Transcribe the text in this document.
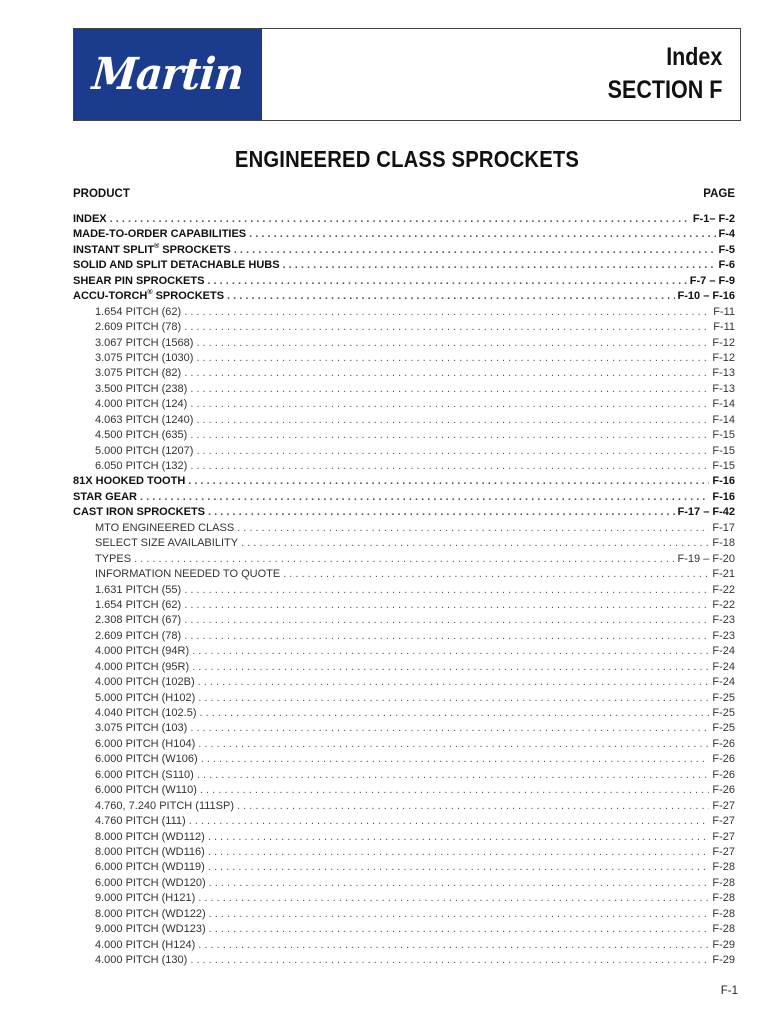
Martin	Index
SECTION F
ENGINEERED CLASS SPROCKETS
PRODUCT	PAGE
INDEX . . .	F-1– F-2
MADE-TO-ORDER CAPABILITIES . . .	F-4
INSTANT SPLIT® SPROCKETS . . .	F-5
SOLID AND SPLIT DETACHABLE HUBS . . .	F-6
SHEAR PIN SPROCKETS . . .	F-7 – F-9
ACCU-TORCH® SPROCKETS . . .	F-10 – F-16
1.654 PITCH (62) . . .	F-11
2.609 PITCH (78) . . .	F-11
3.067 PITCH (1568) . . .	F-12
3.075 PITCH (1030) . . .	F-12
3.075 PITCH (82) . . .	F-13
3.500 PITCH (238) . . .	F-13
4.000 PITCH (124) . . .	F-14
4.063 PITCH (1240) . . .	F-14
4.500 PITCH (635) . . .	F-15
5.000 PITCH (1207) . . .	F-15
6.050 PITCH (132) . . .	F-15
81X HOOKED TOOTH . . .	F-16
STAR GEAR . . .	F-16
CAST IRON SPROCKETS . . .	F-17 – F-42
MTO ENGINEERED CLASS . . .	F-17
SELECT SIZE AVAILABILITY . . .	F-18
TYPES . . .	F-19 – F-20
INFORMATION NEEDED TO QUOTE . . .	F-21
1.631 PITCH (55) . . .	F-22
1.654 PITCH (62) . . .	F-22
2.308 PITCH (67) . . .	F-23
2.609 PITCH (78) . . .	F-23
4.000 PITCH (94R) . . .	F-24
4.000 PITCH (95R) . . .	F-24
4.000 PITCH (102B) . . .	F-24
5.000 PITCH (H102) . . .	F-25
4.040 PITCH (102.5) . . .	F-25
3.075 PITCH (103) . . .	F-25
6.000 PITCH (H104) . . .	F-26
6.000 PITCH (W106) . . .	F-26
6.000 PITCH (S110) . . .	F-26
6.000 PITCH (W110) . . .	F-26
4.760, 7.240 PITCH (111SP) . . .	F-27
4.760 PITCH (111) . . .	F-27
8.000 PITCH (WD112) . . .	F-27
8.000 PITCH (WD116) . . .	F-27
6.000 PITCH (WD119) . . .	F-28
6.000 PITCH (WD120) . . .	F-28
9.000 PITCH (H121) . . .	F-28
8.000 PITCH (WD122) . . .	F-28
9.000 PITCH (WD123) . . .	F-28
4.000 PITCH (H124) . . .	F-29
4.000 PITCH (130) . . .	F-29
F-1
